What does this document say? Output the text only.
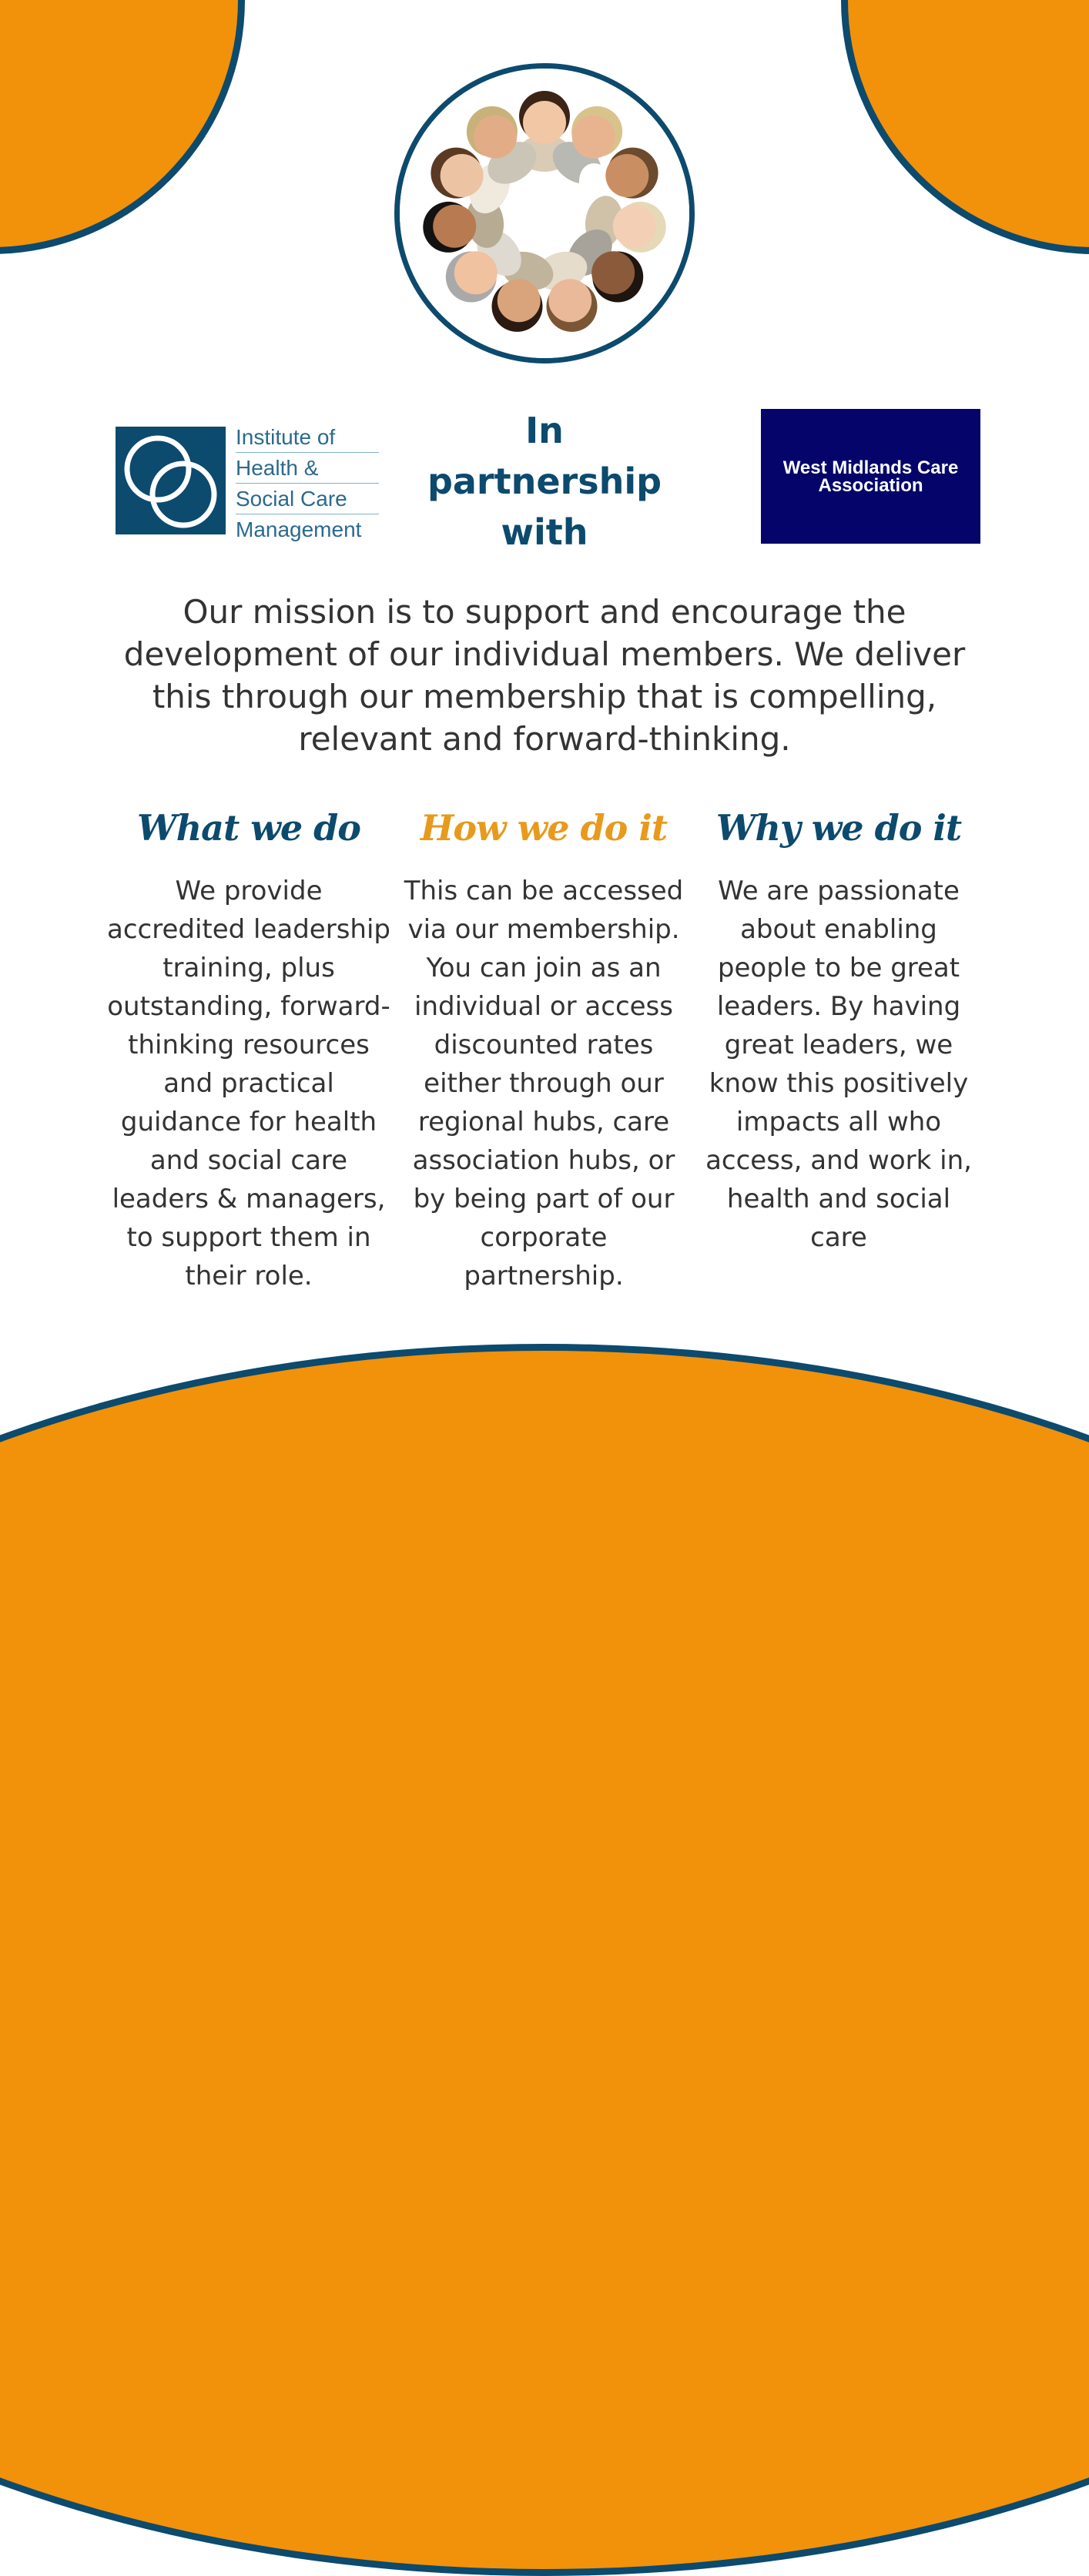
Institute of
Health &
Social Care
Management
In partnership with
West Midlands Care Association

Our mission is to support and encourage the development of our individual members. We deliver this through our membership that is compelling, relevant and forward-thinking.

What we do

We provide accredited leadership training, plus outstanding, forward-thinking resources and practical guidance for health and social care leaders & managers, to support them in their role.

How we do it

This can be accessed via our membership. You can join as an individual or access discounted rates either through our regional hubs, care association hubs, or by being part of our corporate partnership.

Why we do it

We are passionate about enabling people to be great leaders. By having great leaders, we know this positively impacts all who access, and work in, health and social care
